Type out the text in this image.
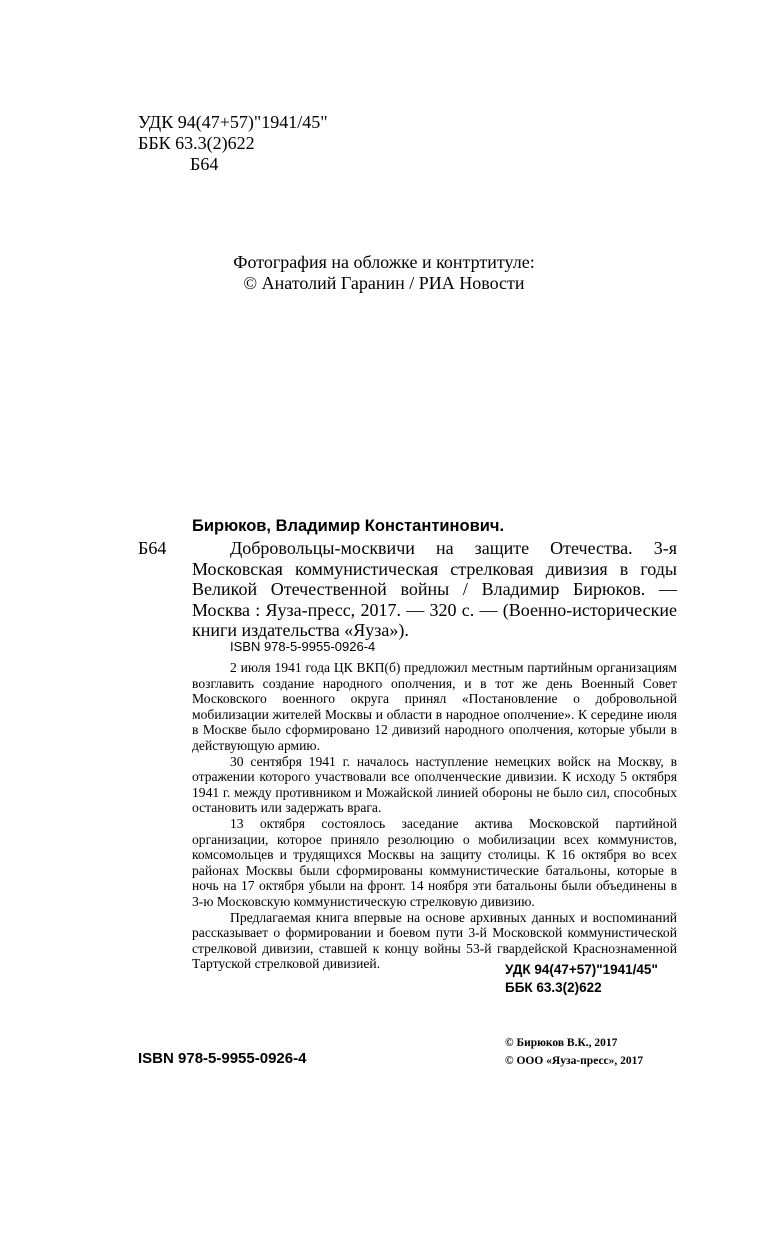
УДК 94(47+57)"1941/45"
ББК 63.3(2)622
Б64
Фотография на обложке и контртитуле:
© Анатолий Гаранин / РИА Новости
Бирюков, Владимир Константинович.
Б64	Добровольцы-москвичи на защите Отечества. 3-я Московская коммунистическая стрелковая дивизия в годы Великой Отечественной войны / Владимир Бирюков. — Москва : Яуза-пресс, 2017. — 320 с. — (Военно-исторические книги издательства «Яуза»).
ISBN 978-5-9955-0926-4

2 июля 1941 года ЦК ВКП(б) предложил местным партийным организациям возглавить создание народного ополчения, и в тот же день Военный Совет Московского военного округа принял «Постановление о добровольной мобилизации жителей Москвы и области в народное ополчение». К середине июля в Москве было сформировано 12 дивизий народного ополчения, которые убыли в действующую армию.

30 сентября 1941 г. началось наступление немецких войск на Москву, в отражении которого участвовали все ополченческие дивизии. К исходу 5 октября 1941 г. между противником и Можайской линией обороны не было сил, способных остановить или задержать врага.

13 октября состоялось заседание актива Московской партийной организации, которое приняло резолюцию о мобилизации всех коммунистов, комсомольцев и трудящихся Москвы на защиту столицы. К 16 октября во всех районах Москвы были сформированы коммунистические батальоны, которые в ночь на 17 октября убыли на фронт. 14 ноября эти батальоны были объединены в 3-ю Московскую коммунистическую стрелковую дивизию.

Предлагаемая книга впервые на основе архивных данных и воспоминаний рассказывает о формировании и боевом пути 3-й Московской коммунистической стрелковой дивизии, ставшей к концу войны 53-й гвардейской Краснознаменной Тартуской стрелковой дивизией.	УДК 94(47+57)"1941/45"
ББК 63.3(2)622
ISBN 978-5-9955-0926-4
© Бирюков В.К., 2017
© ООО «Яуза-пресс», 2017
